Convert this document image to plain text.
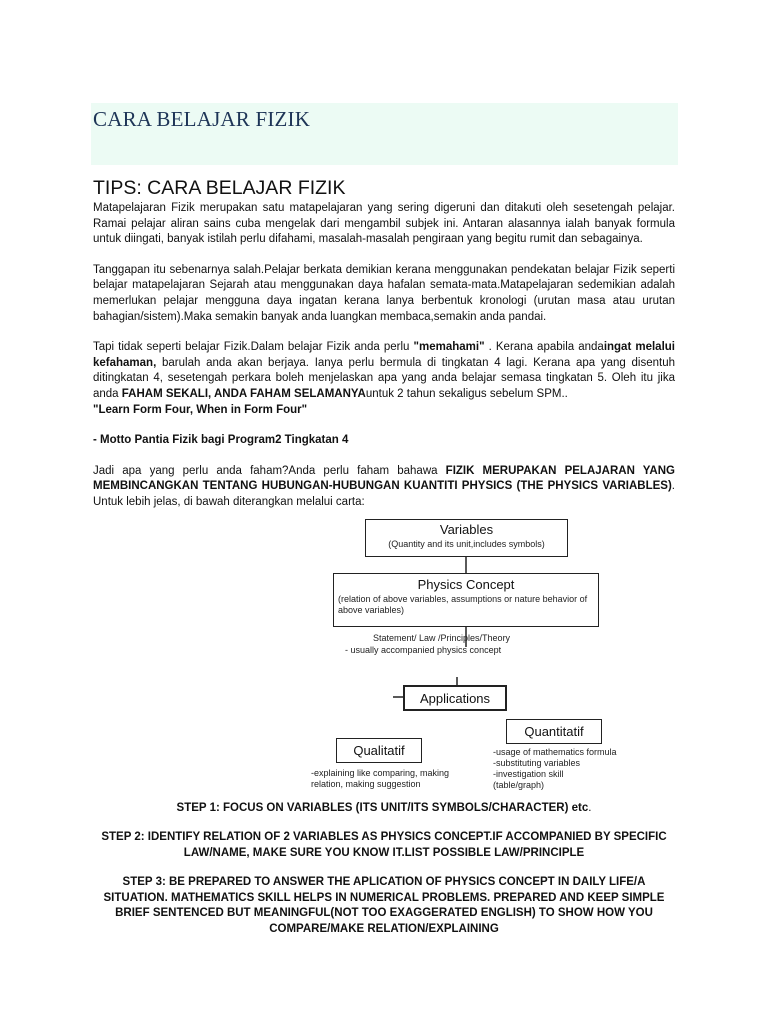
CARA BELAJAR FIZIK
TIPS: CARA BELAJAR FIZIK

Matapelajaran Fizik merupakan satu matapelajaran yang sering digeruni dan ditakuti oleh sesetengah pelajar. Ramai pelajar aliran sains cuba mengelak dari mengambil subjek ini. Antaran alasannya ialah banyak formula untuk diingati, banyak istilah perlu difahami, masalah-masalah pengiraan yang begitu rumit dan sebagainya.

Tanggapan itu sebenarnya salah.Pelajar berkata demikian kerana menggunakan pendekatan belajar Fizik seperti belajar matapelajaran Sejarah atau menggunakan daya hafalan semata-mata.Matapelajaran sedemikian adalah memerlukan pelajar mengguna daya ingatan kerana lanya berbentuk kronologi (urutan masa atau urutan bahagian/sistem).Maka semakin banyak anda luangkan membaca,semakin anda pandai.

Tapi tidak seperti belajar Fizik.Dalam belajar Fizik anda perlu "memahami" . Kerana apabila andaingat melalui kefahaman, barulah anda akan berjaya. Ianya perlu bermula di tingkatan 4 lagi. Kerana apa yang disentuh ditingkatan 4, sesetengah perkara boleh menjelaskan apa yang anda belajar semasa tingkatan 5. Oleh itu jika anda FAHAM SEKALI, ANDA FAHAM SELAMANYAuntuk 2 tahun sekaligus sebelum SPM..

"Learn Form Four, When in Form Four"

- Motto Pantia Fizik bagi Program2 Tingkatan 4

Jadi apa yang perlu anda faham?Anda perlu faham bahawa FIZIK MERUPAKAN PELAJARAN YANG MEMBINCANGKAN TENTANG HUBUNGAN-HUBUNGAN KUANTITI PHYSICS (THE PHYSICS VARIABLES). Untuk lebih jelas, di bawah diterangkan melalui carta:

Variables
(Quantity and its unit,includes symbols)
Physics Concept
(relation of above variables, assumptions or nature behavior of above variables)
Statement/ Law /Principles/Theory
- usually accompanied physics concept
Applications
Qualitatif
-explaining like comparing, making relation, making suggestion
Quantitatif
-usage of mathematics formula
-substituting variables
-investigation skill
(table/graph)

STEP 1: FOCUS ON VARIABLES (ITS UNIT/ITS SYMBOLS/CHARACTER) etc.

STEP 2: IDENTIFY RELATION OF 2 VARIABLES AS PHYSICS CONCEPT.IF ACCOMPANIED BY SPECIFIC LAW/NAME, MAKE SURE YOU KNOW IT.LIST POSSIBLE LAW/PRINCIPLE

STEP 3: BE PREPARED TO ANSWER THE APLICATION OF PHYSICS CONCEPT IN DAILY LIFE/A SITUATION. MATHEMATICS SKILL HELPS IN NUMERICAL PROBLEMS. PREPARED AND KEEP SIMPLE BRIEF SENTENCED BUT MEANINGFUL(NOT TOO EXAGGERATED ENGLISH) TO SHOW HOW YOU COMPARE/MAKE RELATION/EXPLAINING
